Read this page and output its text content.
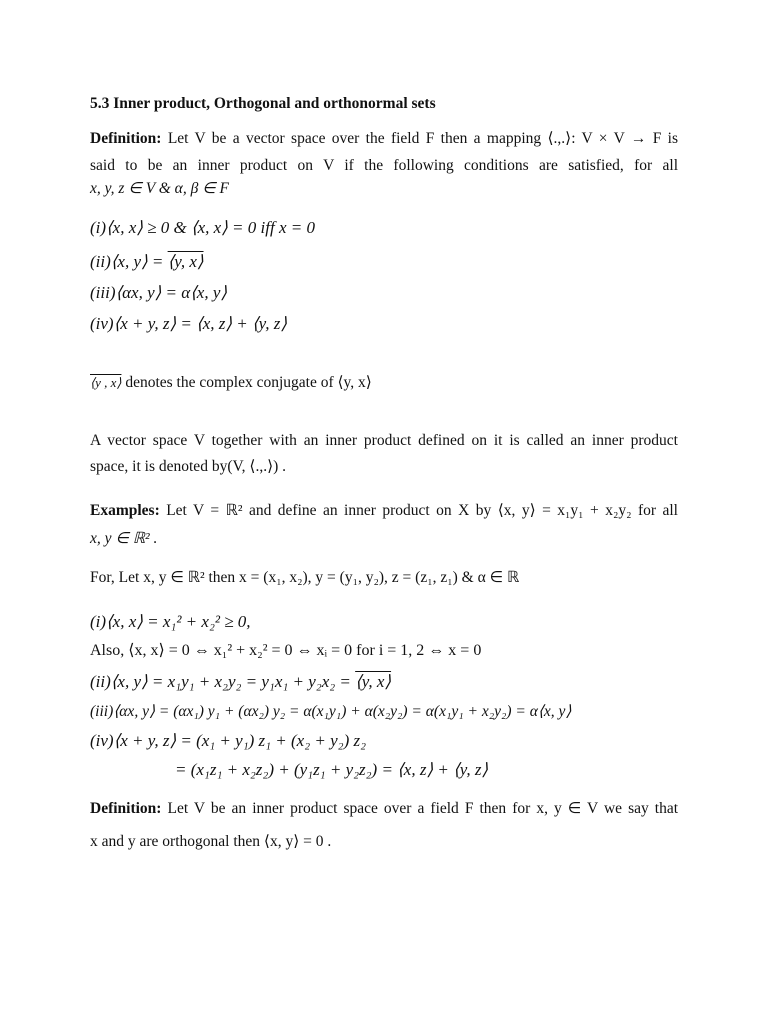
5.3 Inner product, Orthogonal and orthonormal sets
Definition: Let V be a vector space over the field F then a mapping ⟨.,.⟩: V × V → F is
said to be an inner product on V if the following conditions are satisfied, for all
x, y, z ∈ V & α, β ∈ F
(i)⟨x, x⟩ ≥ 0 & ⟨x, x⟩ = 0 iff x = 0
(ii)⟨x, y⟩ = ⟨y, x⟩
(iii)⟨αx, y⟩ = α⟨x, y⟩
(iv)⟨x + y, z⟩ = ⟨x, z⟩ + ⟨y, z⟩
⟨y , x⟩ denotes the complex conjugate of ⟨y, x⟩
A vector space V together with an inner product defined on it is called an inner product
space, it is denoted by(V, ⟨.,.⟩) .
Examples: Let V = ℝ² and define an inner product on X by ⟨x, y⟩ = x₁y₁ + x₂y₂ for all
x, y ∈ ℝ² .
For, Let x, y ∈ ℝ² then x = (x₁, x₂), y = (y₁, y₂), z = (z₁, z₁) & α ∈ ℝ
(i)⟨x, x⟩ = x₁² + x₂² ≥ 0,
Also, ⟨x, x⟩ = 0 ⇔ x₁² + x₂² = 0 ⇔ xᵢ = 0 for i = 1, 2 ⇔ x = 0
(ii)⟨x, y⟩ = x₁y₁ + x₂y₂ = y₁x₁ + y₂x₂ = ⟨y, x⟩
(iii)⟨αx, y⟩ = (αx₁) y₁ + (αx₂) y₂ = α(x₁y₁) + α(x₂y₂) = α(x₁y₁ + x₂y₂) = α⟨x, y⟩
(iv)⟨x + y, z⟩ = (x₁ + y₁) z₁ + (x₂ + y₂) z₂
= (x₁z₁ + x₂z₂) + (y₁z₁ + y₂z₂) = ⟨x, z⟩ + ⟨y, z⟩
Definition: Let V be an inner product space over a field F then for x, y ∈ V we say that
x and y are orthogonal then ⟨x, y⟩ = 0 .
